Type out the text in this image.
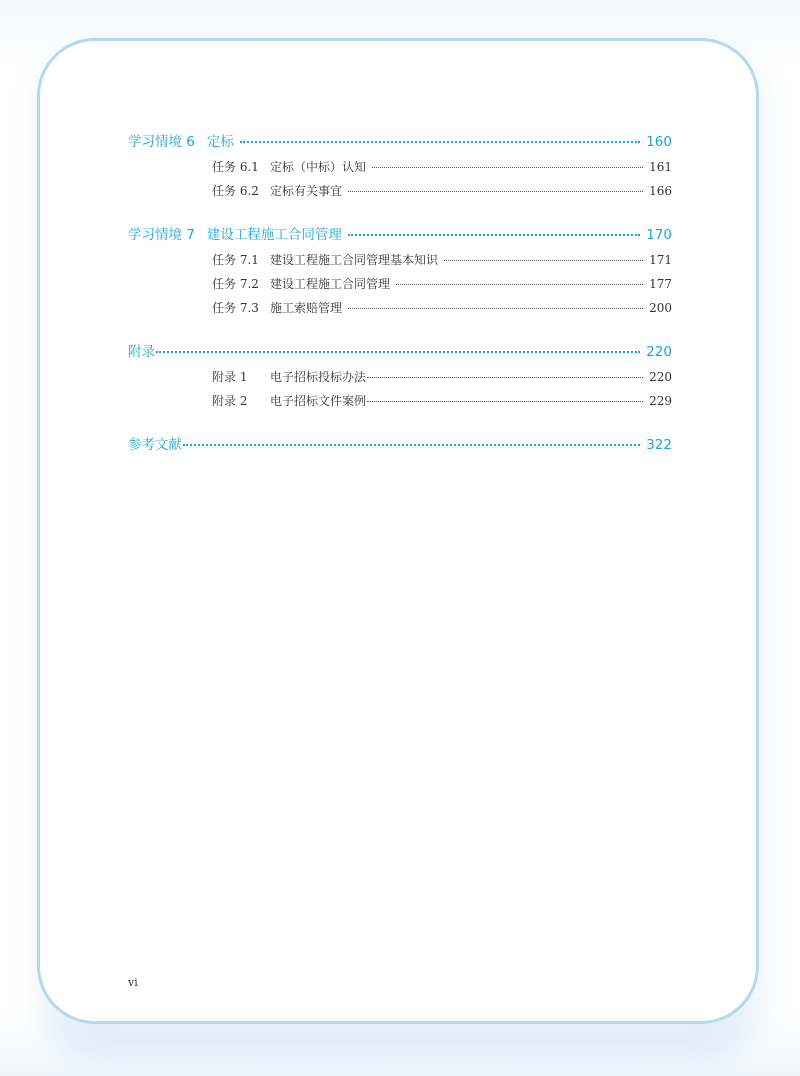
学习情境 6 定标	160
任务 6.1 定标（中标）认知	161
任务 6.2 定标有关事宜	166
学习情境 7 建设工程施工合同管理	170
任务 7.1 建设工程施工合同管理基本知识	171
任务 7.2 建设工程施工合同管理	177
任务 7.3 施工索赔管理	200
附录	220
附录 1	电子招标投标办法	220
附录 2	电子招标文件案例	229
参考文献	322
vi
